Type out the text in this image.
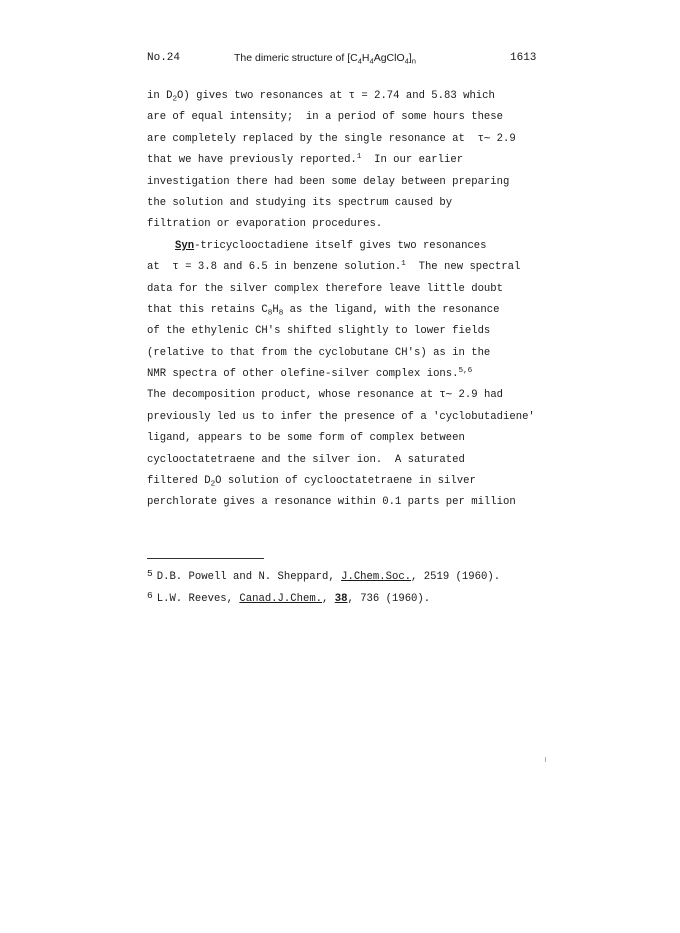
No.24	The dimeric structure of $[C_4H_4AgClO_4]_n$	1613
in $D_2O$) gives two resonances at τ = 2.74 and 5.83 which
are of equal intensity;  in a period of some hours these
are completely replaced by the single resonance at  τ∼ 2.9
that we have previously reported.$^1$  In our earlier
investigation there had been some delay between preparing
the solution and studying its spectrum caused by
filtration or evaporation procedures.
Syn-tricyclooctadiene itself gives two resonances
at  τ = 3.8 and 6.5 in benzene solution.$^1$  The new spectral
data for the silver complex therefore leave little doubt
that this retains $C_8H_8$ as the ligand, with the resonance
of the ethylenic CH's shifted slightly to lower fields
(relative to that from the cyclobutane CH's) as in the
NMR spectra of other olefine-silver complex ions.$^{5,6}$
The decomposition product, whose resonance at τ∼ 2.9 had
previously led us to infer the presence of a 'cyclobutadiene'
ligand, appears to be some form of complex between
cyclooctatetraene and the silver ion.  A saturated
filtered $D_2O$ solution of cyclooctatetraene in silver
perchlorate gives a resonance within 0.1 parts per million
5 D.B. Powell and N. Sheppard, J.Chem.Soc., 2519 (1960).
6 L.W. Reeves, Canad.J.Chem., 38, 736 (1960).
